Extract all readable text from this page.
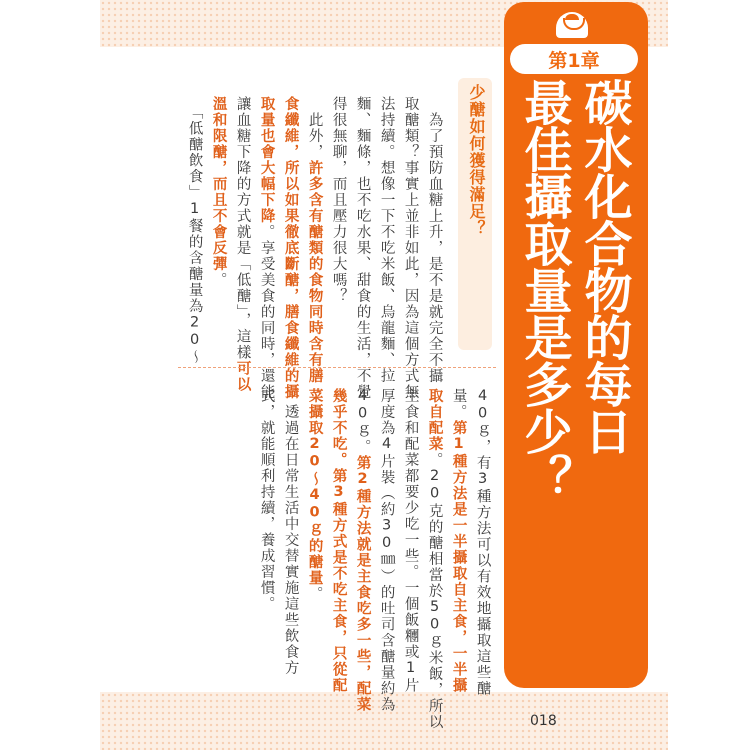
第1章
碳水化合物的每日
最佳攝取量是多少？
少醣如何獲得滿足？
　為了預防血糖上升，是不是就完全不攝
取醣類？事實上並非如此，因為這個方式無
法持續。想像一下不吃米飯、烏龍麵、拉
麵、麵條，也不吃水果、甜食的生活，不覺
得很無聊，而且壓力很大嗎？
　此外，許多含有醣類的食物同時含有膳
食纖維，所以如果徹底斷醣，膳食纖維的攝
取量也會大幅下降。享受美食的同時，還能
讓血糖下降的方式就是「低醣」，這樣可以
溫和限醣，而且不會反彈。
　「低醣飲食」1餐的含醣量為20～
40ｇ，有3種方法可以有效地攝取這些醣
量。第1種方法是一半攝取自主食，一半攝
取自配菜。20克的醣相當於50ｇ米飯，所以
主食和配菜都要少吃一些。一個飯糰或1片
厚度為4片裝（約30㎜）的吐司含醣量約為
40ｇ。第2種方法就是主食吃多一些，配菜
幾乎不吃。第3種方式是不吃主食，只從配
菜攝取20～40ｇ的醣量。
　透過在日常生活中交替實施這些飲食方
式，就能順利持續，養成習慣。
018
